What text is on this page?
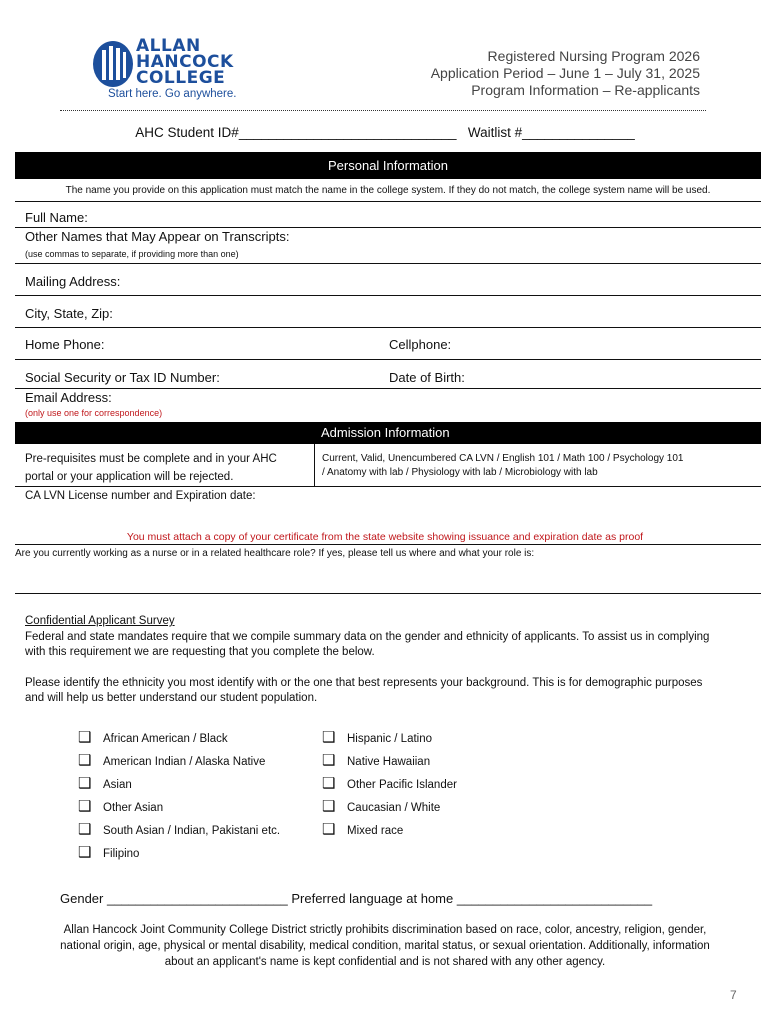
ALLAN
HANCOCK
COLLEGE
Start here. Go anywhere.
Registered Nursing Program 2026
Application Period – June 1 – July 31, 2025
Program Information – Re-applicants
AHC Student ID#_____________________________ Waitlist #_______________
Personal Information
The name you provide on this application must match the name in the college system. If they do not match, the college system name will be used.
Full Name:
Other Names that May Appear on Transcripts:
(use commas to separate, if providing more than one)
Mailing Address:
City, State, Zip:
Home Phone:	Cellphone:
Social Security or Tax ID Number:	Date of Birth:
Email Address:
(only use one for correspondence)
Admission Information
Pre-requisites must be complete and in your AHC
portal or your application will be rejected.
Current, Valid, Unencumbered CA LVN / English 101 / Math 100 / Psychology 101
/ Anatomy with lab / Physiology with lab / Microbiology with lab
CA LVN License number and Expiration date:
You must attach a copy of your certificate from the state website showing issuance and expiration date as proof
Are you currently working as a nurse or in a related healthcare role? If yes, please tell us where and what your role is:
Confidential Applicant Survey
Federal and state mandates require that we compile summary data on the gender and ethnicity of applicants. To assist us in complying
with this requirement we are requesting that you complete the below.
Please identify the ethnicity you most identify with or the one that best represents your background. This is for demographic purposes
and will help us better understand our student population.
❑ African American / Black
❑ American Indian / Alaska Native
❑ Asian
❑ Other Asian
❑ South Asian / Indian, Pakistani etc.
❑ Filipino
❑ Hispanic / Latino
❑ Native Hawaiian
❑ Other Pacific Islander
❑ Caucasian / White
❑ Mixed race
Gender _________________________ Preferred language at home ___________________________
Allan Hancock Joint Community College District strictly prohibits discrimination based on race, color, ancestry, religion, gender,
national origin, age, physical or mental disability, medical condition, marital status, or sexual orientation. Additionally, information
about an applicant's name is kept confidential and is not shared with any other agency.
7
